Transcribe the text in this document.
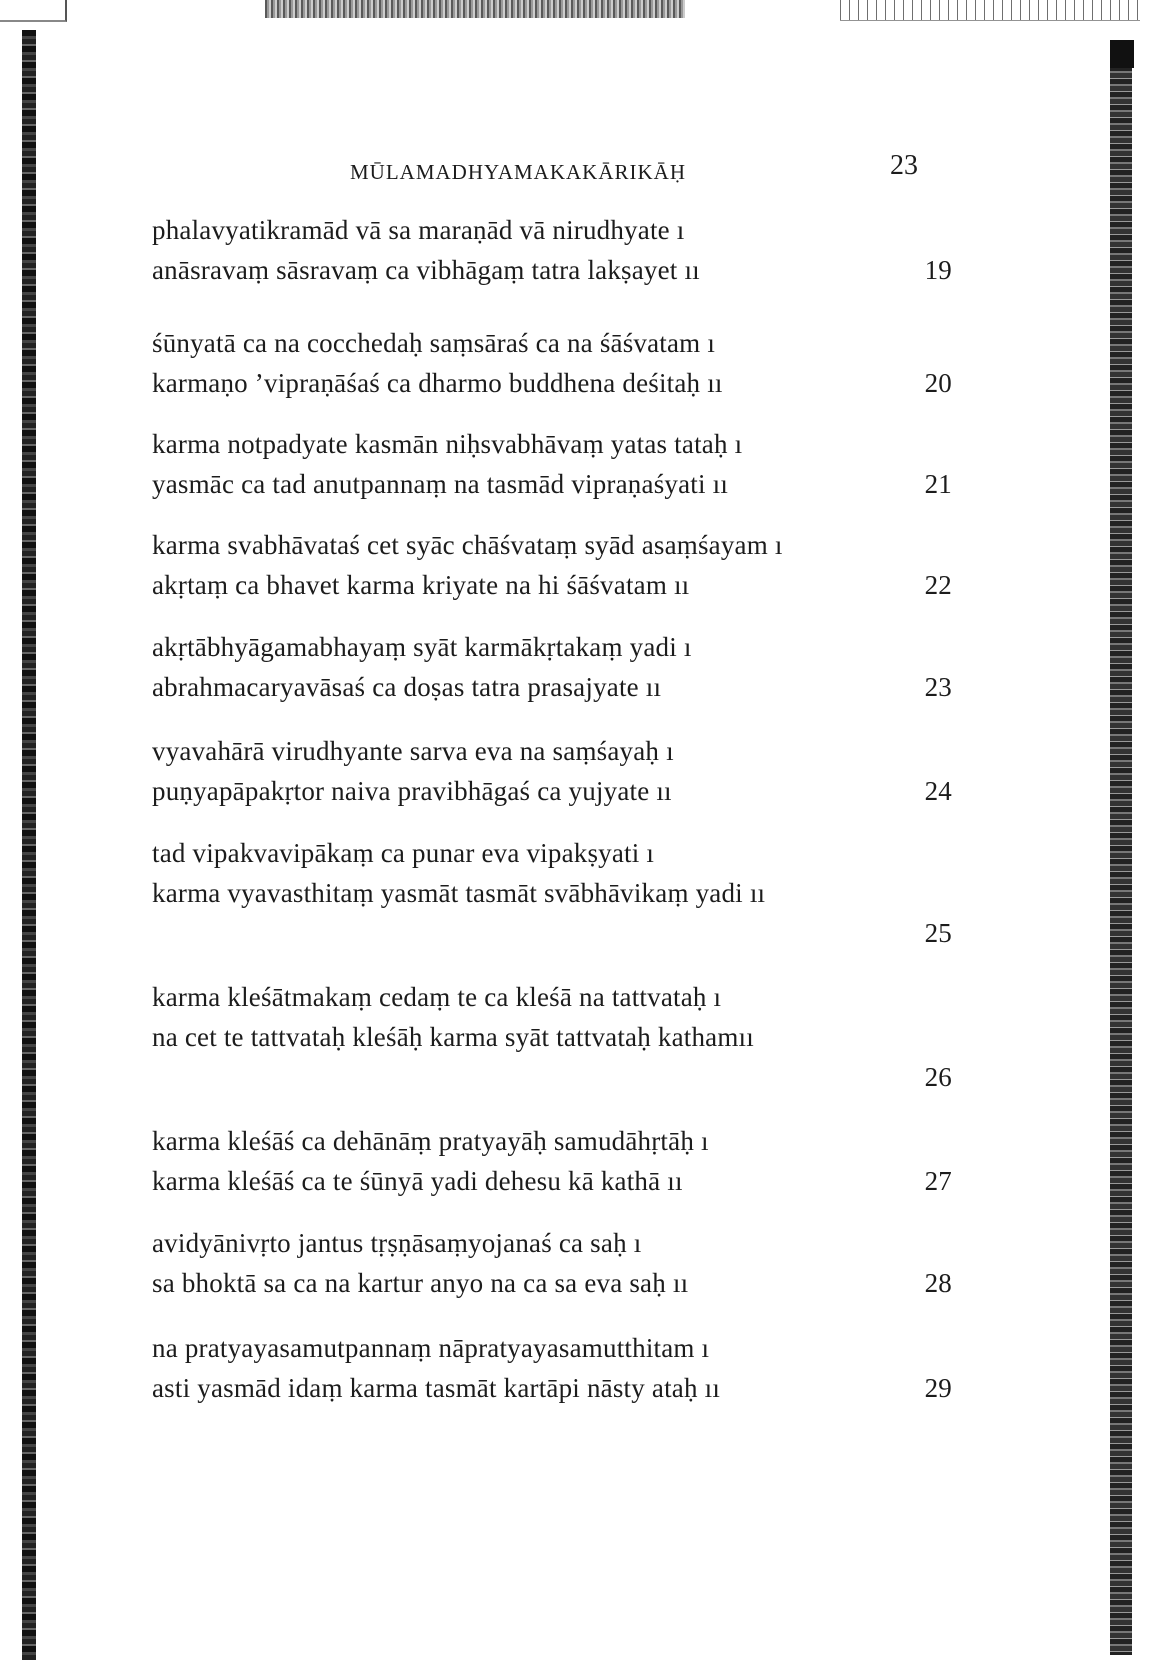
MŪLAMADHYAMAKAKĀRIKĀḤ	23
phalavyatikramād vā sa maraṇād vā nirudhyate ı
anāsravaṃ sāsravaṃ ca vibhāgaṃ tatra lakṣayet ıı	19
śūnyatā ca na cocchedaḥ saṃsāraś ca na śāśvatam ı
karmaṇo ’vipraṇāśaś ca dharmo buddhena deśitaḥ ıı	20
karma notpadyate kasmān niḥsvabhāvaṃ yatas tataḥ ı
yasmāc ca tad anutpannaṃ na tasmād vipraṇaśyati ıı	21
karma svabhāvataś cet syāc chāśvataṃ syād asaṃśayam ı
akṛtaṃ ca bhavet karma kriyate na hi śāśvatam ıı	22
akṛtābhyāgamabhayaṃ syāt karmākṛtakaṃ yadi ı
abrahmacaryavāsaś ca doṣas tatra prasajyate ıı	23
vyavahārā virudhyante sarva eva na saṃśayaḥ ı
puṇyapāpakṛtor naiva pravibhāgaś ca yujyate ıı	24
tad vipakvavipākaṃ ca punar eva vipakṣyati ı
karma vyavasthitaṃ yasmāt tasmāt svābhāvikaṃ yadi ıı
25
karma kleśātmakaṃ cedaṃ te ca kleśā na tattvataḥ ı
na cet te tattvataḥ kleśāḥ karma syāt tattvataḥ kathamıı
26
karma kleśāś ca dehānāṃ pratyayāḥ samudāhṛtāḥ ı
karma kleśāś ca te śūnyā yadi dehesu kā kathā ıı	27
avidyānivṛto jantus tṛṣṇāsaṃyojanaś ca saḥ ı
sa bhoktā sa ca na kartur anyo na ca sa eva saḥ ıı	28
na pratyayasamutpannaṃ nāpratyayasamutthitam ı
asti yasmād idaṃ karma tasmāt kartāpi nāsty ataḥ ıı	29
